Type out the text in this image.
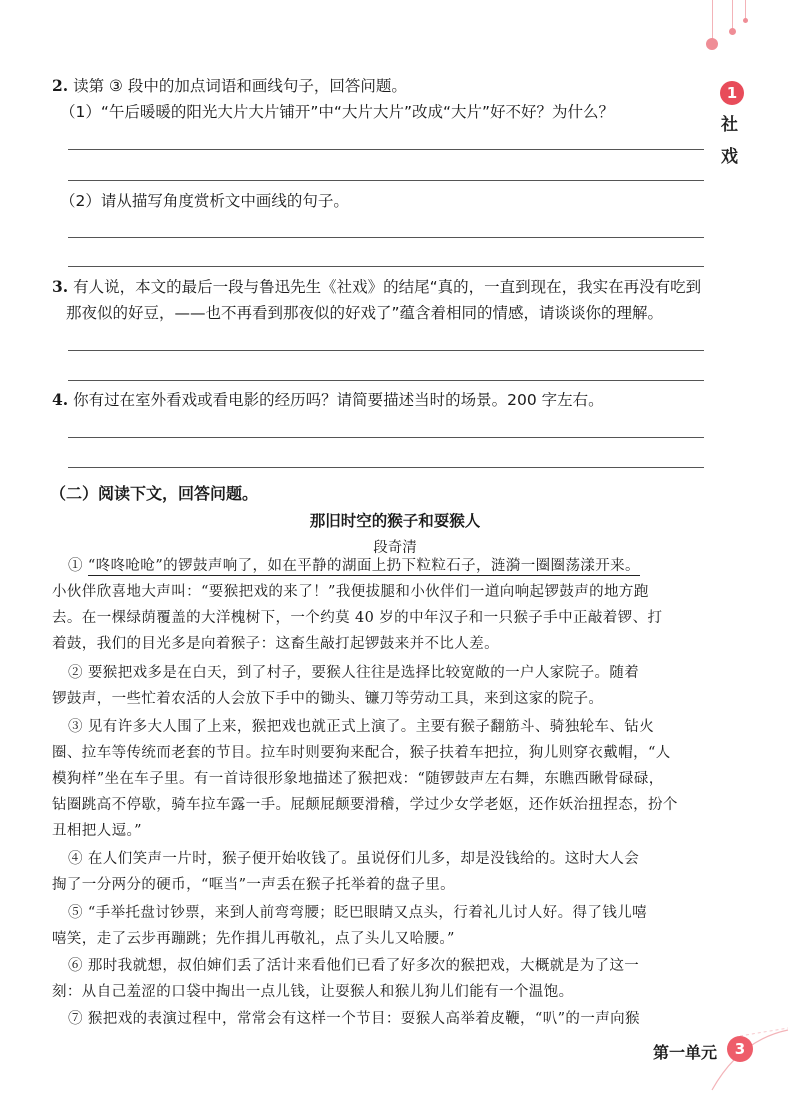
1
社
戏
2. 读第 ③ 段中的加点词语和画线句子，回答问题。
（1）“午后暖暖的阳光大片大片铺开”中“大片大片”改成“大片”好不好？为什么？
（2）请从描写角度赏析文中画线的句子。
3. 有人说，本文的最后一段与鲁迅先生《社戏》的结尾“真的，一直到现在，我实在再没有吃到
那夜似的好豆，——也不再看到那夜似的好戏了”蕴含着相同的情感，请谈谈你的理解。
4. 你有过在室外看戏或看电影的经历吗？请简要描述当时的场景。200 字左右。
（二）阅读下文，回答问题。
那旧时空的猴子和耍猴人
段奇清
① “咚咚呛呛”的锣鼓声响了，如在平静的湖面上扔下粒粒石子，涟漪一圈圈荡漾开来。
小伙伴欣喜地大声叫：“要猴把戏的来了！”我便拔腿和小伙伴们一道向响起锣鼓声的地方跑
去。在一棵绿荫覆盖的大洋槐树下，一个约莫 40 岁的中年汉子和一只猴子手中正敲着锣、打
着鼓，我们的目光多是向着猴子：这畜生敲打起锣鼓来并不比人差。
② 要猴把戏多是在白天，到了村子，要猴人往往是选择比较宽敞的一户人家院子。随着
锣鼓声，一些忙着农活的人会放下手中的锄头、镰刀等劳动工具，来到这家的院子。
③ 见有许多大人围了上来，猴把戏也就正式上演了。主要有猴子翻筋斗、骑独轮车、钻火
圈、拉车等传统而老套的节目。拉车时则要狗来配合，猴子扶着车把拉，狗儿则穿衣戴帽，“人
模狗样”坐在车子里。有一首诗很形象地描述了猴把戏：“随锣鼓声左右舞，东瞧西瞅骨碌碌，
钻圈跳高不停歇，骑车拉车露一手。屁颠屁颠要滑稽，学过少女学老妪，还作妖治扭捏态，扮个
丑相把人逗。”
④ 在人们笑声一片时，猴子便开始收钱了。虽说伢们儿多，却是没钱给的。这时大人会
掏了一分两分的硬币，“哐当”一声丢在猴子托举着的盘子里。
⑤ “手举托盘讨钞票，来到人前弯弯腰；眨巴眼睛又点头，行着礼儿讨人好。得了钱儿嘻
嘻笑，走了云步再蹦跳；先作揖儿再敬礼，点了头儿又哈腰。”
⑥ 那时我就想，叔伯婶们丢了活计来看他们已看了好多次的猴把戏，大概就是为了这一
刻：从自己羞涩的口袋中掏出一点儿钱，让耍猴人和猴儿狗儿们能有一个温饱。
⑦ 猴把戏的表演过程中，常常会有这样一个节目：耍猴人高举着皮鞭，“叭”的一声向猴
第一单元	3
